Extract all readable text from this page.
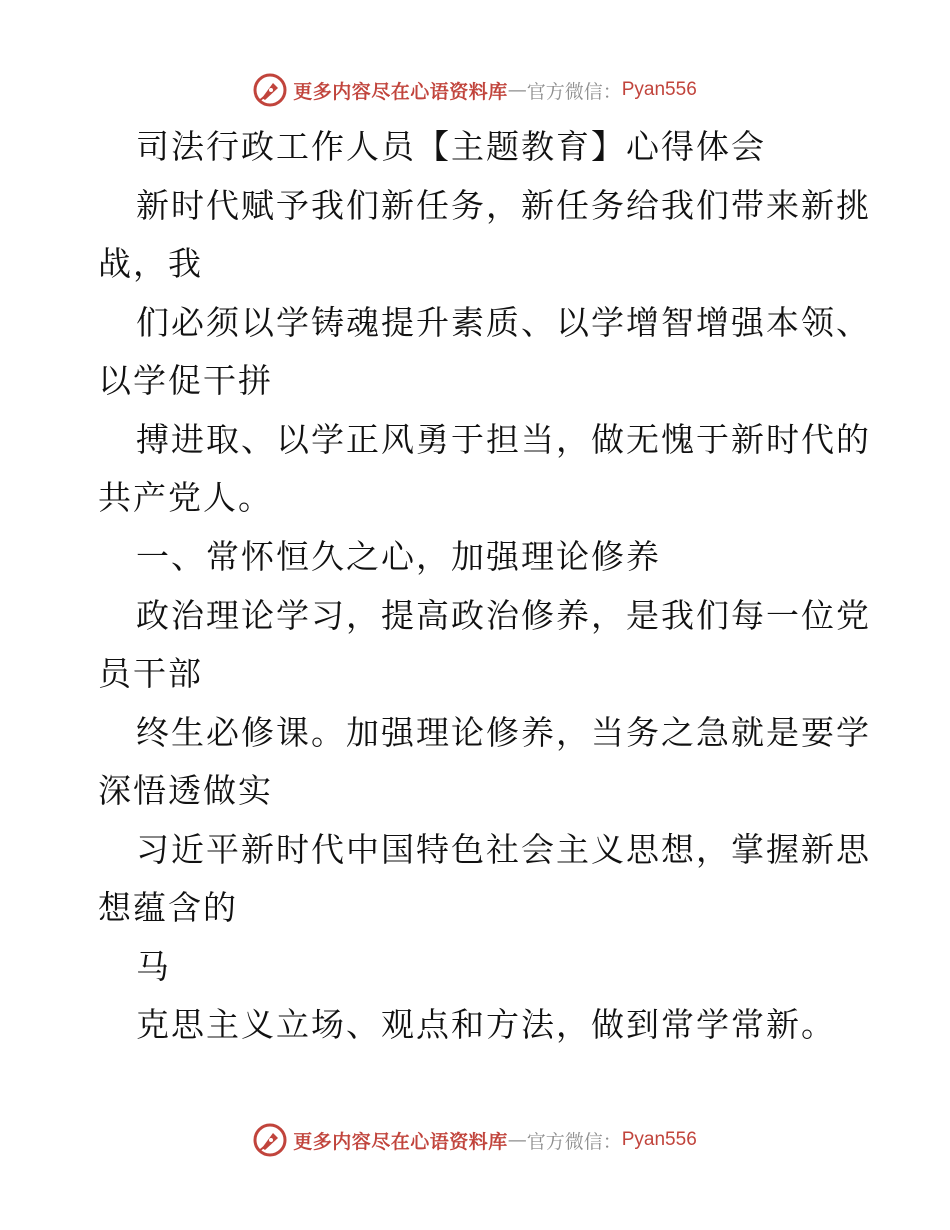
更多内容尽在心语资料库 — 官方微信： Pyan556
司法行政工作人员【主题教育】心得体会
新时代赋予我们新任务，新任务给我们带来新挑
战，我
们必须以学铸魂提升素质、以学增智增强本领、
以学促干拼
搏进取、以学正风勇于担当，做无愧于新时代的
共产党人。
一、常怀恒久之心，加强理论修养
政治理论学习，提高政治修养，是我们每一位党
员干部
终生必修课。加强理论修养，当务之急就是要学
深悟透做实
习近平新时代中国特色社会主义思想，掌握新思
想蕴含的
马
克思主义立场、观点和方法，做到常学常新。
更多内容尽在心语资料库 — 官方微信： Pyan556
